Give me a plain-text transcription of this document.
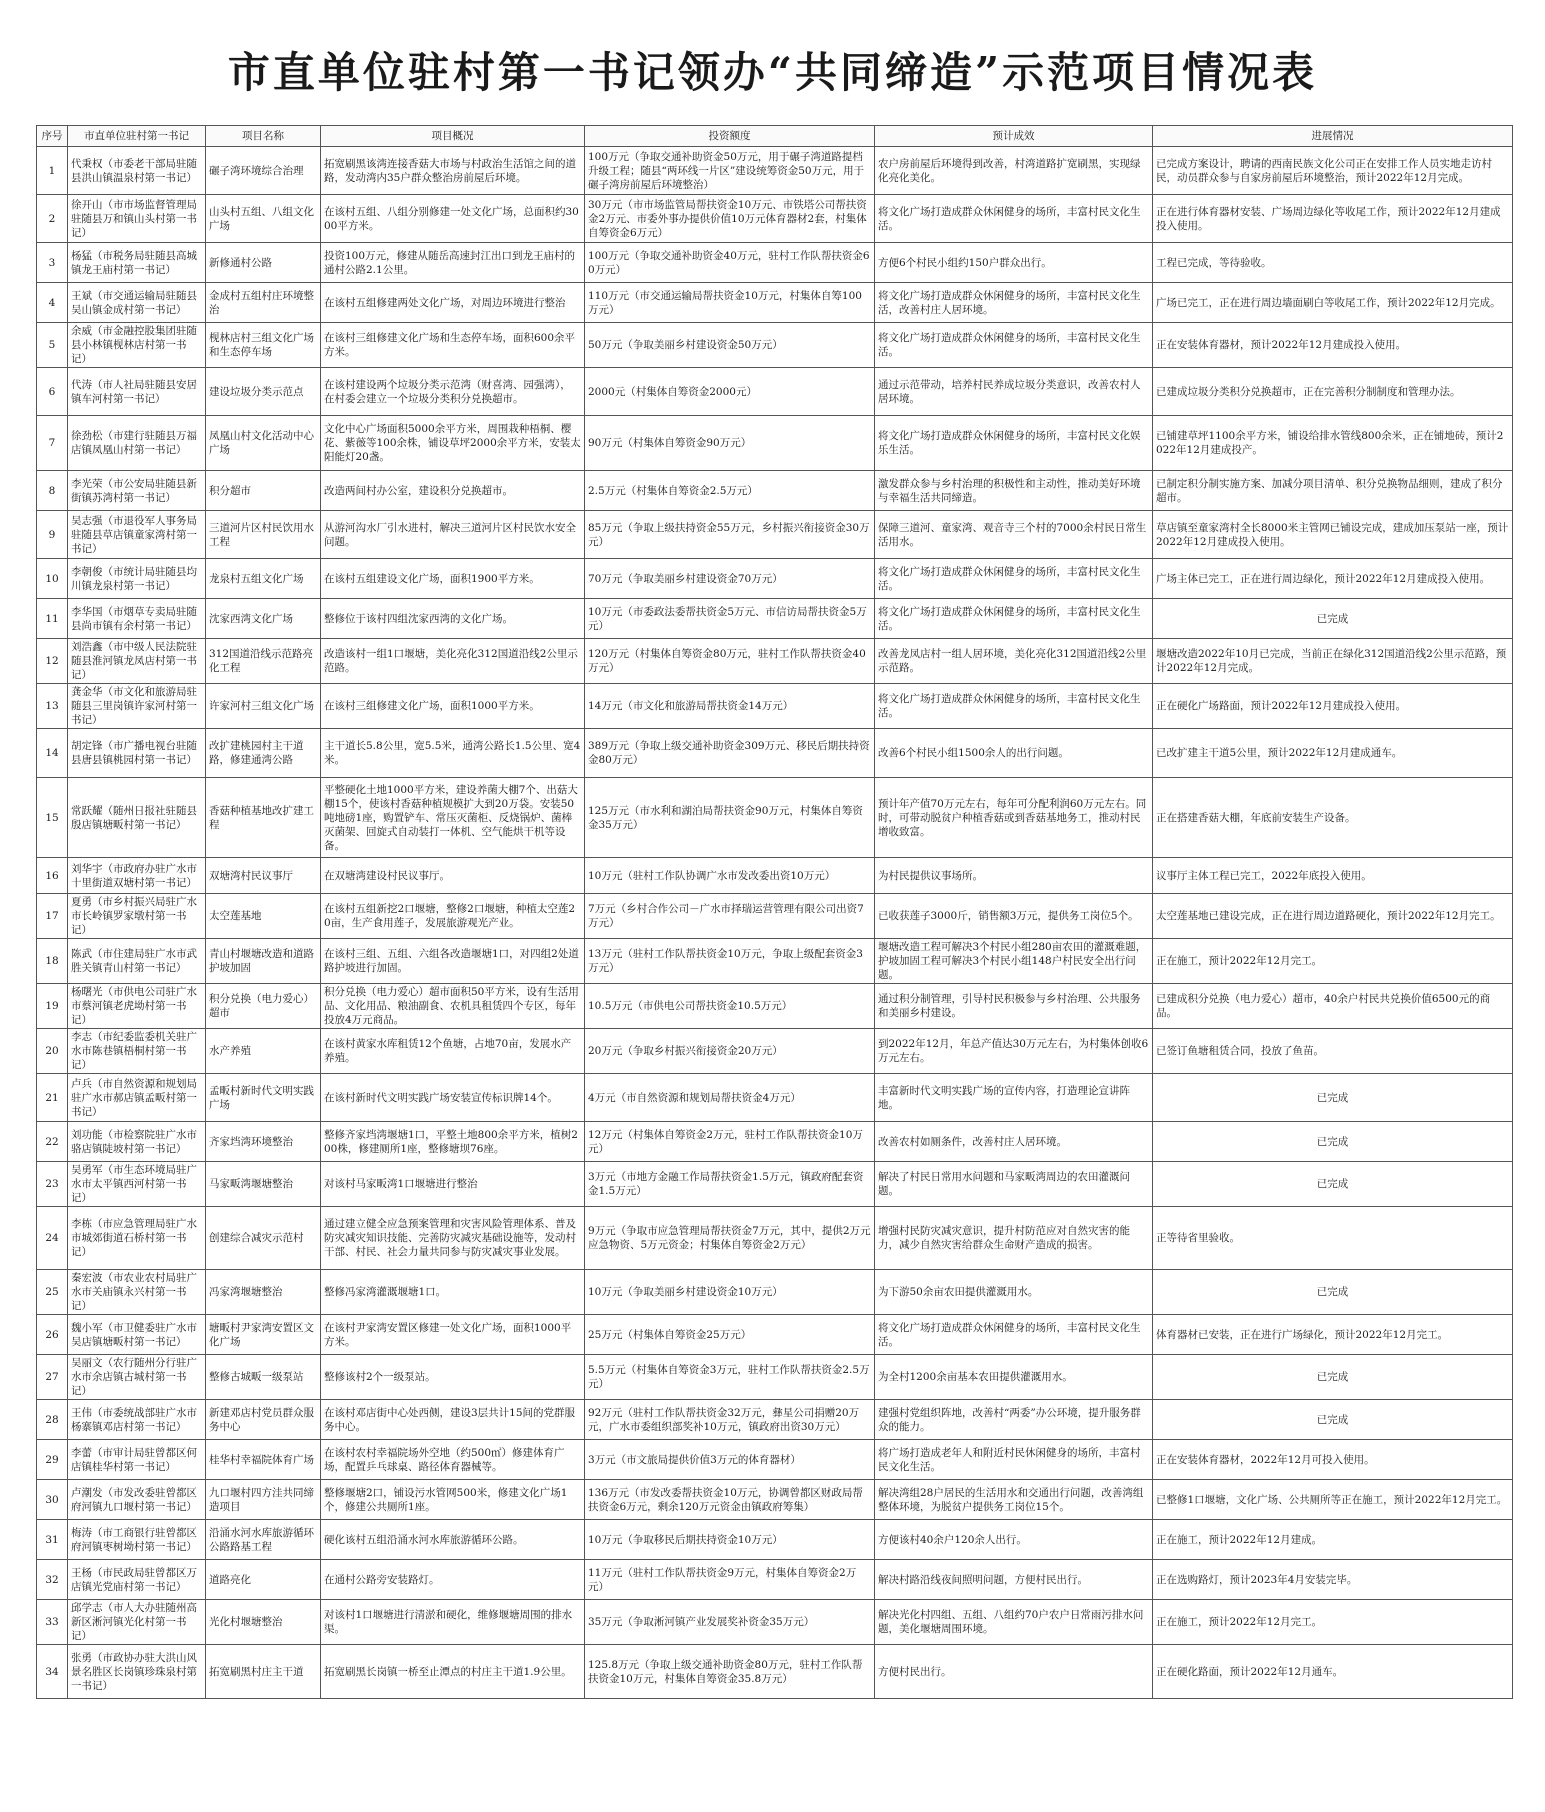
市直单位驻村第一书记领办“共同缔造”示范项目情况表
序号	市直单位驻村第一书记	项目名称	项目概况	投资额度	预计成效	进展情况
1	代秉权（市委老干部局驻随县洪山镇温泉村第一书记）	碾子湾环境综合治理	拓宽刷黑该湾连接香菇大市场与村政治生活馆之间的道路，发动湾内35户群众整治房前屋后环境。	100万元（争取交通补助资金50万元，用于碾子湾道路提档升级工程；随县“两环线一片区”建设统筹资金50万元，用于碾子湾房前屋后环境整治）	农户房前屋后环境得到改善，村湾道路扩宽刷黑，实现绿化亮化美化。	已完成方案设计，聘请的西南民族文化公司正在安排工作人员实地走访村民，动员群众参与自家房前屋后环境整治，预计2022年12月完成。
2	徐开山（市市场监督管理局驻随县万和镇山头村第一书记）	山头村五组、八组文化广场	在该村五组、八组分别修建一处文化广场，总面积约3000平方米。	30万元（市市场监管局帮扶资金10万元、市铁塔公司帮扶资金2万元、市委外事办提供价值10万元体育器材2套，村集体自筹资金6万元）	将文化广场打造成群众休闲健身的场所，丰富村民文化生活。	正在进行体育器材安装、广场周边绿化等收尾工作，预计2022年12月建成投入使用。
3	杨猛（市税务局驻随县高城镇龙王庙村第一书记）	新修通村公路	投资100万元，修建从随岳高速封江出口到龙王庙村的通村公路2.1公里。	100万元（争取交通补助资金40万元，驻村工作队帮扶资金60万元）	方便6个村民小组约150户群众出行。	工程已完成，等待验收。
4	王斌（市交通运输局驻随县吴山镇金成村第一书记）	金成村五组村庄环境整治	在该村五组修建两处文化广场，对周边环境进行整治	110万元（市交通运输局帮扶资金10万元，村集体自筹100万元）	将文化广场打造成群众休闲健身的场所，丰富村民文化生活，改善村庄人居环境。	广场已完工，正在进行周边墙面刷白等收尾工作，预计2022年12月完成。
5	余威（市金融控股集团驻随县小林镇枧林店村第一书记）	枧林店村三组文化广场和生态停车场	在该村三组修建文化广场和生态停车场，面积600余平方米。	50万元（争取美丽乡村建设资金50万元）	将文化广场打造成群众休闲健身的场所，丰富村民文化生活。	正在安装体育器材，预计2022年12月建成投入使用。
6	代涛（市人社局驻随县安居镇车河村第一书记）	建设垃圾分类示范点	在该村建设两个垃圾分类示范湾（财喜湾、园强湾），在村委会建立一个垃圾分类积分兑换超市。	2000元（村集体自筹资金2000元）	通过示范带动，培养村民养成垃圾分类意识，改善农村人居环境。	已建成垃圾分类积分兑换超市，正在完善积分制制度和管理办法。
7	徐劲松（市建行驻随县万福店镇凤凰山村第一书记）	凤凰山村文化活动中心广场	文化中心广场面积5000余平方米，周围栽种梧桐、樱花、紫薇等100余株，铺设草坪2000余平方米，安装太阳能灯20盏。	90万元（村集体自筹资金90万元）	将文化广场打造成群众休闲健身的场所，丰富村民文化娱乐生活。	已铺建草坪1100余平方米，铺设给排水管线800余米，正在铺地砖，预计2022年12月建成投产。
8	李光荣（市公安局驻随县新街镇苏湾村第一书记）	积分超市	改造两间村办公室，建设积分兑换超市。	2.5万元（村集体自筹资金2.5万元）	激发群众参与乡村治理的积极性和主动性，推动美好环境与幸福生活共同缔造。	已制定积分制实施方案、加减分项目清单、积分兑换物品细则，建成了积分超市。
9	吴志强（市退役军人事务局驻随县草店镇童家湾村第一书记）	三道河片区村民饮用水工程	从游河沟水厂引水进村，解决三道河片区村民饮水安全问题。	85万元（争取上级扶持资金55万元，乡村振兴衔接资金30万元）	保障三道河、童家湾、观音寺三个村的7000余村民日常生活用水。	草店镇至童家湾村全长8000米主管网已铺设完成，建成加压泵站一座，预计2022年12月建成投入使用。
10	李朝俊（市统计局驻随县均川镇龙泉村第一书记）	龙泉村五组文化广场	在该村五组建设文化广场，面积1900平方米。	70万元（争取美丽乡村建设资金70万元）	将文化广场打造成群众休闲健身的场所，丰富村民文化生活。	广场主体已完工，正在进行周边绿化，预计2022年12月建成投入使用。
11	李华国（市烟草专卖局驻随县尚市镇有余村第一书记）	沈家西湾文化广场	整修位于该村四组沈家西湾的文化广场。	10万元（市委政法委帮扶资金5万元、市信访局帮扶资金5万元）	将文化广场打造成群众休闲健身的场所，丰富村民文化生活。	已完成
12	刘浩鑫（市中级人民法院驻随县淮河镇龙凤店村第一书记）	312国道沿线示范路亮化工程	改造该村一组1口堰塘，美化亮化312国道沿线2公里示范路。	120万元（村集体自筹资金80万元，驻村工作队帮扶资金40万元）	改善龙凤店村一组人居环境，美化亮化312国道沿线2公里示范路。	堰塘改造2022年10月已完成，当前正在绿化312国道沿线2公里示范路，预计2022年12月完成。
13	龚金华（市文化和旅游局驻随县三里岗镇许家河村第一书记）	许家河村三组文化广场	在该村三组修建文化广场，面积1000平方米。	14万元（市文化和旅游局帮扶资金14万元）	将文化广场打造成群众休闲健身的场所，丰富村民文化生活。	正在硬化广场路面，预计2022年12月建成投入使用。
14	胡定锋（市广播电视台驻随县唐县镇桃园村第一书记）	改扩建桃园村主干道路，修建通湾公路	主干道长5.8公里，宽5.5米，通湾公路长1.5公里、宽4米。	389万元（争取上级交通补助资金309万元、移民后期扶持资金80万元）	改善6个村民小组1500余人的出行问题。	已改扩建主干道5公里，预计2022年12月建成通车。
15	常跃耀（随州日报社驻随县殷店镇塘畈村第一书记）	香菇种植基地改扩建工程	平整硬化土地1000平方米，建设养菌大棚7个、出菇大棚15个，使该村香菇种植规模扩大到20万袋。安装50吨地磅1座，购置铲车、常压灭菌柜、反烧锅炉、菌棒灭菌架、回旋式自动装打一体机、空气能烘干机等设备。	125万元（市水利和湖泊局帮扶资金90万元，村集体自筹资金35万元）	预计年产值70万元左右，每年可分配利润60万元左右。同时，可带动脱贫户种植香菇或到香菇基地务工，推动村民增收致富。	正在搭建香菇大棚，年底前安装生产设备。
16	刘华宇（市政府办驻广水市十里街道双塘村第一书记）	双塘湾村民议事厅	在双塘湾建设村民议事厅。	10万元（驻村工作队协调广水市发改委出资10万元）	为村民提供议事场所。	议事厅主体工程已完工，2022年底投入使用。
17	夏勇（市乡村振兴局驻广水市长岭镇罗家墩村第一书记）	太空莲基地	在该村五组新挖2口堰塘，整修2口堰塘，种植太空莲20亩，生产食用莲子，发展旅游观光产业。	7万元（乡村合作公司－广水市择瑞运营管理有限公司出资7万元）	已收获莲子3000斤，销售额3万元，提供务工岗位5个。	太空莲基地已建设完成，正在进行周边道路硬化，预计2022年12月完工。
18	陈武（市住建局驻广水市武胜关镇青山村第一书记）	青山村堰塘改造和道路护坡加固	在该村三组、五组、六组各改造堰塘1口，对四组2处道路护坡进行加固。	13万元（驻村工作队帮扶资金10万元，争取上级配套资金3万元）	堰塘改造工程可解决3个村民小组280亩农田的灌溉难题，护坡加固工程可解决3个村民小组148户村民安全出行问题。	正在施工，预计2022年12月完工。
19	杨曙光（市供电公司驻广水市蔡河镇老虎坳村第一书记）	积分兑换（电力爱心）超市	积分兑换（电力爱心）超市面积50平方米，设有生活用品、文化用品、粮油副食、农机具租赁四个专区，每年投放4万元商品。	10.5万元（市供电公司帮扶资金10.5万元）	通过积分制管理，引导村民积极参与乡村治理、公共服务和美丽乡村建设。	已建成积分兑换（电力爱心）超市，40余户村民共兑换价值6500元的商品。
20	李志（市纪委监委机关驻广水市陈巷镇梧桐村第一书记）	水产养殖	在该村黄家水库租赁12个鱼塘，占地70亩，发展水产养殖。	20万元（争取乡村振兴衔接资金20万元）	到2022年12月，年总产值达30万元左右，为村集体创收6万元左右。	已签订鱼塘租赁合同，投放了鱼苗。
21	卢兵（市自然资源和规划局驻广水市郝店镇孟畈村第一书记）	孟畈村新时代文明实践广场	在该村新时代文明实践广场安装宣传标识牌14个。	4万元（市自然资源和规划局帮扶资金4万元）	丰富新时代文明实践广场的宣传内容，打造理论宣讲阵地。	已完成
22	刘功能（市检察院驻广水市骆店镇陡坡村第一书记）	齐家垱湾环境整治	整修齐家垱湾堰塘1口，平整土地800余平方米，植树200株，修建厕所1座，整修塘坝76座。	12万元（村集体自筹资金2万元，驻村工作队帮扶资金10万元）	改善农村如厕条件，改善村庄人居环境。	已完成
23	吴勇军（市生态环境局驻广水市太平镇西河村第一书记）	马家畈湾堰塘整治	对该村马家畈湾1口堰塘进行整治	3万元（市地方金融工作局帮扶资金1.5万元，镇政府配套资金1.5万元）	解决了村民日常用水问题和马家畈湾周边的农田灌溉问题。	已完成
24	李栋（市应急管理局驻广水市城郊街道石桥村第一书记）	创建综合减灾示范村	通过建立健全应急预案管理和灾害风险管理体系、普及防灾减灾知识技能、完善防灾减灾基础设施等，发动村干部、村民、社会力量共同参与防灾减灾事业发展。	9万元（争取市应急管理局帮扶资金7万元，其中，提供2万元应急物资、5万元资金；村集体自筹资金2万元）	增强村民防灾减灾意识，提升村防范应对自然灾害的能力，减少自然灾害给群众生命财产造成的损害。	正等待省里验收。
25	秦宏波（市农业农村局驻广水市关庙镇永兴村第一书记）	冯家湾堰塘整治	整修冯家湾灌溉堰塘1口。	10万元（争取美丽乡村建设资金10万元）	为下游50余亩农田提供灌溉用水。	已完成
26	魏小军（市卫健委驻广水市吴店镇塘畈村第一书记）	塘畈村尹家湾安置区文化广场	在该村尹家湾安置区修建一处文化广场，面积1000平方米。	25万元（村集体自筹资金25万元）	将文化广场打造成群众休闲健身的场所，丰富村民文化生活。	体育器材已安装，正在进行广场绿化，预计2022年12月完工。
27	吴丽文（农行随州分行驻广水市余店镇古城村第一书记）	整修古城畈一级泵站	整修该村2个一级泵站。	5.5万元（村集体自筹资金3万元，驻村工作队帮扶资金2.5万元）	为全村1200余亩基本农田提供灌溉用水。	已完成
28	王伟（市委统战部驻广水市杨寨镇邓店村第一书记）	新建邓店村党员群众服务中心	在该村邓店街中心处西侧，建设3层共计15间的党群服务中心。	92万元（驻村工作队帮扶资金32万元，彝星公司捐赠20万元，广水市委组织部奖补10万元，镇政府出资30万元）	建强村党组织阵地，改善村“两委”办公环境，提升服务群众的能力。	已完成
29	李蕾（市审计局驻曾都区何店镇桂华村第一书记）	桂华村幸福院体育广场	在该村农村幸福院场外空地（约500㎡）修建体育广场，配置乒乓球桌、路径体育器械等。	3万元（市文旅局提供价值3万元的体育器材）	将广场打造成老年人和附近村民休闲健身的场所，丰富村民文化生活。	正在安装体育器材，2022年12月可投入使用。
30	卢潮发（市发改委驻曾都区府河镇九口堰村第一书记）	九口堰村四方洼共同缔造项目	整修堰塘2口，铺设污水管网500米，修建文化广场1个，修建公共厕所1座。	136万元（市发改委帮扶资金10万元，协调曾都区财政局帮扶资金6万元，剩余120万元资金由镇政府筹集）	解决湾组28户居民的生活用水和交通出行问题，改善湾组整体环境，为脱贫户提供务工岗位15个。	已整修1口堰塘，文化广场、公共厕所等正在施工，预计2022年12月完工。
31	梅涛（市工商银行驻曾都区府河镇枣树坳村第一书记）	沿涌水河水库旅游循环公路路基工程	硬化该村五组沿涌水河水库旅游循环公路。	10万元（争取移民后期扶持资金10万元）	方便该村40余户120余人出行。	正在施工，预计2022年12月建成。
32	王杨（市民政局驻曾都区万店镇光党庙村第一书记）	道路亮化	在通村公路旁安装路灯。	11万元（驻村工作队帮扶资金9万元，村集体自筹资金2万元）	解决村路沿线夜间照明问题，方便村民出行。	正在选购路灯，预计2023年4月安装完毕。
33	邱学志（市人大办驻随州高新区淅河镇光化村第一书记）	光化村堰塘整治	对该村1口堰塘进行清淤和硬化，维修堰塘周围的排水渠。	35万元（争取淅河镇产业发展奖补资金35万元）	解决光化村四组、五组、八组约70户农户日常雨污排水问题，美化堰塘周围环境。	正在施工，预计2022年12月完工。
34	张勇（市政协办驻大洪山风景名胜区长岗镇珍珠泉村第一书记）	拓宽刷黑村庄主干道	拓宽刷黑长岗镇一桥至止潭点的村庄主干道1.9公里。	125.8万元（争取上级交通补助资金80万元，驻村工作队帮扶资金10万元，村集体自筹资金35.8万元）	方便村民出行。	正在硬化路面，预计2022年12月通车。
